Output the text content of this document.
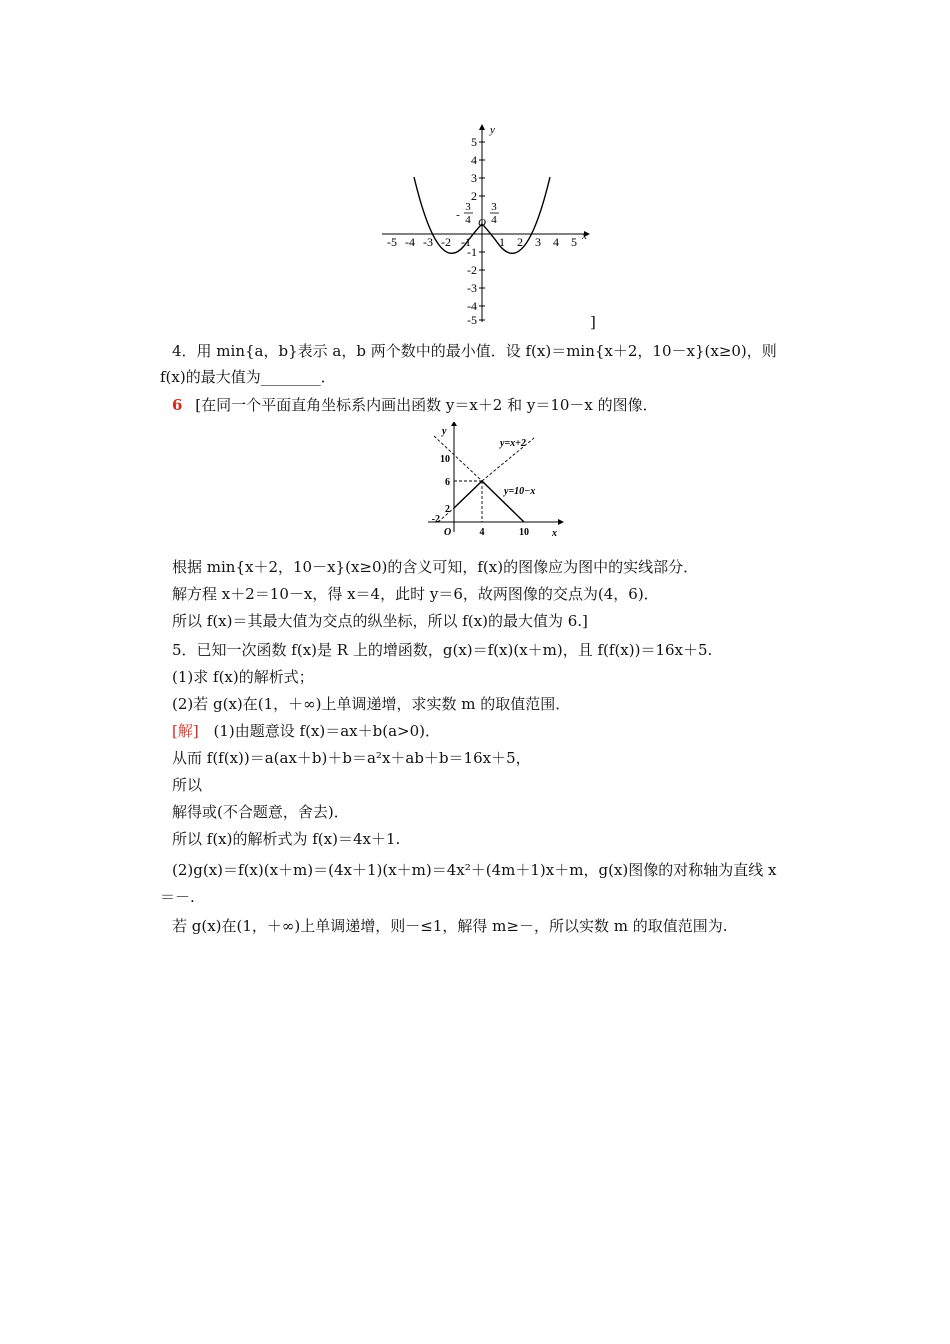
y
x
5
4
3
2
-1
-2
-3
-4
-5
-5 -4 -3 -2 -1 1 2 3 4 5
O
3
4
-
3
4
]
4．用 min{a，b}表示 a，b 两个数中的最小值．设 f(x)＝min{x＋2，10－x}(x≥0)，则
f(x)的最大值为________．
6 [在同一个平面直角坐标系内画出函数 y＝x＋2 和 y＝10－x 的图像．
y
x
O
10
6
2
-2
4	10
y=x+2
y=10−x
根据 min{x＋2，10－x}(x≥0)的含义可知，f(x)的图像应为图中的实线部分．
解方程 x＋2＝10－x，得 x＝4，此时 y＝6，故两图像的交点为(4，6)．
所以 f(x)＝其最大值为交点的纵坐标，所以 f(x)的最大值为 6.]
5．已知一次函数 f(x)是 R 上的增函数，g(x)＝f(x)(x＋m)，且 f(f(x))＝16x＋5.
(1)求 f(x)的解析式；
(2)若 g(x)在(1，＋∞)上单调递增，求实数 m 的取值范围．
[解] (1)由题意设 f(x)＝ax＋b(a>0)．
从而 f(f(x))＝a(ax＋b)＋b＝a²x＋ab＋b＝16x＋5，
所以
解得或(不合题意，舍去)．
所以 f(x)的解析式为 f(x)＝4x＋1.
(2)g(x)＝f(x)(x＋m)＝(4x＋1)(x＋m)＝4x²＋(4m＋1)x＋m，g(x)图像的对称轴为直线 x
＝－.
若 g(x)在(1，＋∞)上单调递增，则－≤1，解得 m≥－，所以实数 m 的取值范围为.
